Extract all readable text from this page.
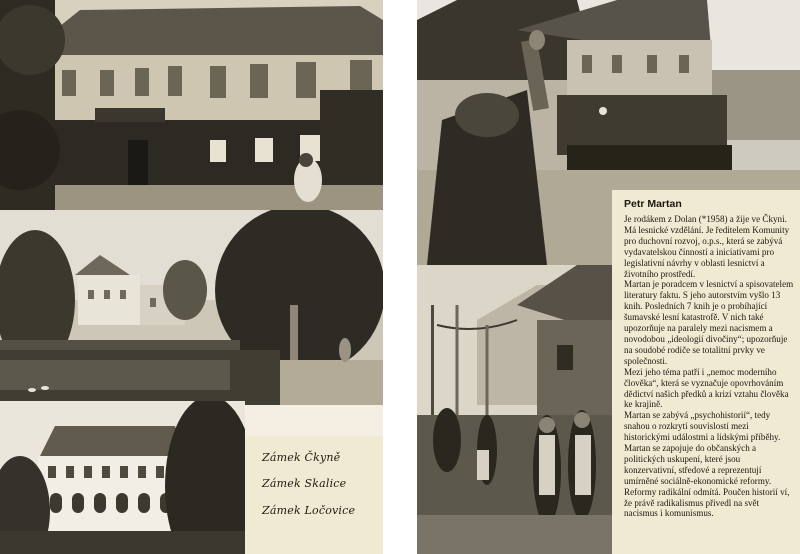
Zámek Čkyně
Zámek Skalice
Zámek Ločovice
Petr Martan

Je rodákem z Dolan (*1958) a žije ve Čkyni. Má lesnické vzdělání. Je ředitelem Komunity pro duchovní rozvoj, o.p.s., která se zabývá vydavatelskou činností a iniciativami pro legislativní návrhy v oblasti lesnictví a životního prostředí.

Martan je poradcem v lesnictví a spisovatelem literatury faktu. S jeho autorstvím vyšlo 13 knih. Posledních 7 knih je o probíhající šumavské lesní katastrofě. V nich také upozorňuje na paralely mezi nacismem a novodobou „ideologií divočiny“; upozorňuje na soudobé rodiče se totalitní prvky ve společnosti.

Mezi jeho téma patří i „nemoc moderního člověka“, která se vyznačuje opovrhováním dědictví našich předků a krizí vztahu člověka ke krajině.

Martan se zabývá „psychohistorií“, tedy snahou o rozkrytí souvislostí mezi historickými událostmi a lidskými příběhy. Martan se zapojuje do občanských a politických uskupení, které jsou konzervativní, středové a reprezentují umírněné sociálně-ekonomické reformy. Reformy radikální odmítá. Poučen historií ví, že právě radikalismus přivedl na svět nacismus i komunismus.
